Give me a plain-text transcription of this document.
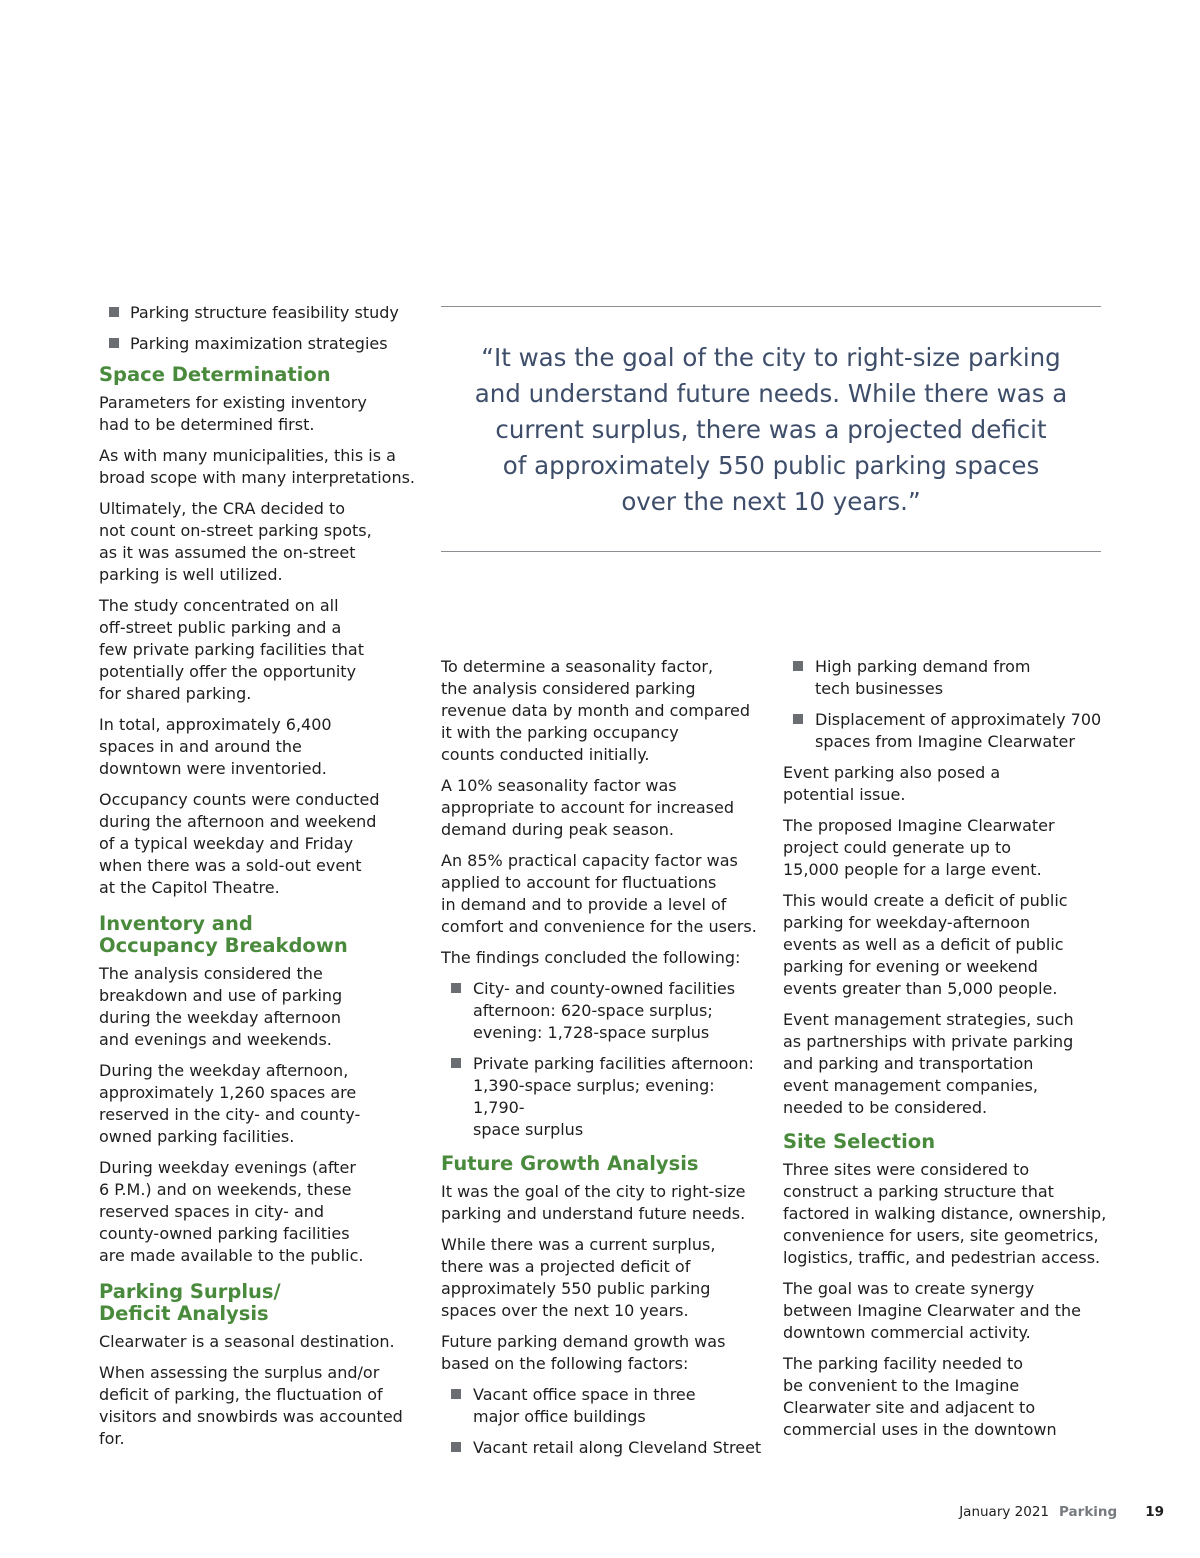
Parking structure feasibility study
Parking maximization strategies
Space Determination

Parameters for existing inventory
had to be determined first.

As with many municipalities, this is a
broad scope with many interpretations.

Ultimately, the CRA decided to
not count on-street parking spots,
as it was assumed the on-street
parking is well utilized.

The study concentrated on all
off-street public parking and a
few private parking facilities that
potentially offer the opportunity
for shared parking.

In total, approximately 6,400
spaces in and around the
downtown were inventoried.

Occupancy counts were conducted
during the afternoon and weekend
of a typical weekday and Friday
when there was a sold-out event
at the Capitol Theatre.

Inventory and
Occupancy Breakdown

The analysis considered the
breakdown and use of parking
during the weekday afternoon
and evenings and weekends.

During the weekday afternoon,
approximately 1,260 spaces are
reserved in the city- and county-
owned parking facilities.

During weekday evenings (after
6 P.M.) and on weekends, these
reserved spaces in city- and
county-owned parking facilities
are made available to the public.

Parking Surplus/
Deficit Analysis

Clearwater is a seasonal destination.

When assessing the surplus and/or
deficit of parking, the fluctuation of
visitors and snowbirds was accounted for.

“It was the goal of the city to right-size parking
and understand future needs. While there was a
current surplus, there was a projected deficit
of approximately 550 public parking spaces
over the next 10 years.”

To determine a seasonality factor,
the analysis considered parking
revenue data by month and compared
it with the parking occupancy
counts conducted initially.

A 10% seasonality factor was
appropriate to account for increased
demand during peak season.

An 85% practical capacity factor was
applied to account for fluctuations
in demand and to provide a level of
comfort and convenience for the users.

The findings concluded the following:

City- and county-owned facilities
afternoon: 620-space surplus;
evening: 1,728-space surplus
Private parking facilities afternoon:
1,390-space surplus; evening: 1,790-
space surplus
Future Growth Analysis

It was the goal of the city to right-size
parking and understand future needs.

While there was a current surplus,
there was a projected deficit of
approximately 550 public parking
spaces over the next 10 years.

Future parking demand growth was
based on the following factors:

Vacant office space in three
major office buildings
Vacant retail along Cleveland Street
High parking demand from
tech businesses
Displacement of approximately 700
spaces from Imagine Clearwater

Event parking also posed a
potential issue.

The proposed Imagine Clearwater
project could generate up to
15,000 people for a large event.

This would create a deficit of public
parking for weekday-afternoon
events as well as a deficit of public
parking for evening or weekend
events greater than 5,000 people.

Event management strategies, such
as partnerships with private parking
and parking and transportation
event management companies,
needed to be considered.

Site Selection

Three sites were considered to
construct a parking structure that
factored in walking distance, ownership,
convenience for users, site geometrics,
logistics, traffic, and pedestrian access.

The goal was to create synergy
between Imagine Clearwater and the
downtown commercial activity.

The parking facility needed to
be convenient to the Imagine
Clearwater site and adjacent to
commercial uses in the downtown

January 2021 Parking 19
